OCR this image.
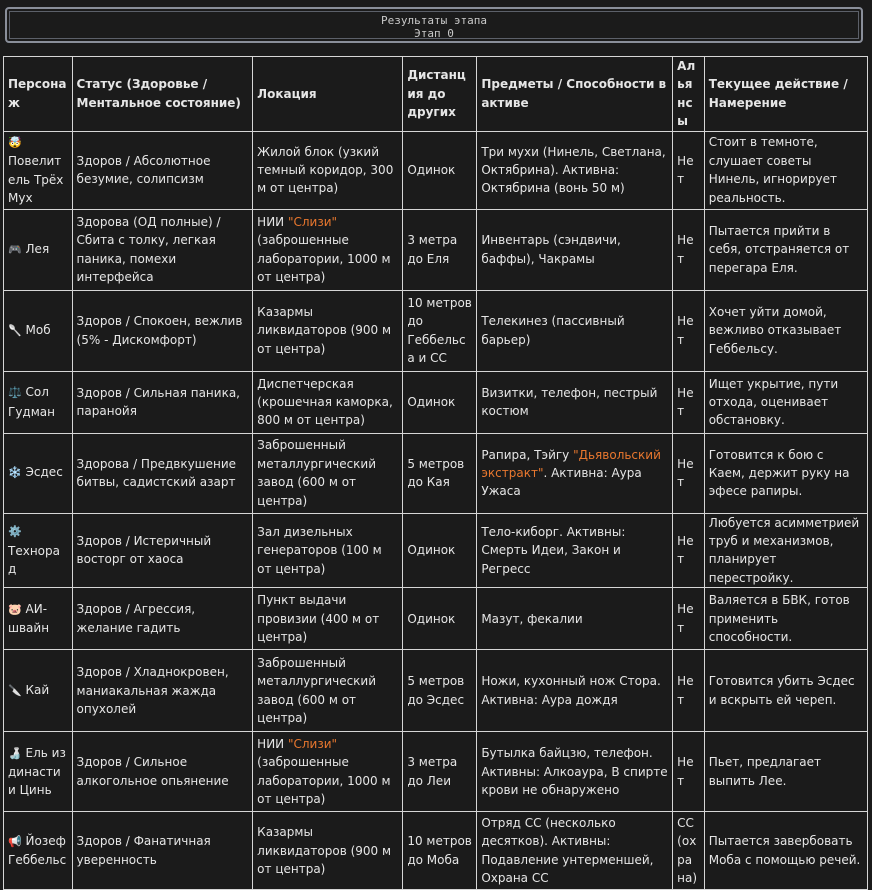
Результаты этапа
Этап 0
Персонаж	Статус (Здоровье / Ментальное состояние)	Локация	Дистанция до других	Предметы / Способности в активе	Альянсы	Текущее действие / Намерение
🤯 Повелитель Трёх Мух	Здоров / Абсолютное безумие, солипсизм	Жилой блок (узкий темный коридор, 300 м от центра)	Одинок	Три мухи (Нинель, Светлана, Октябрина). Активна: Октябрина (вонь 50 м)	Нет	Стоит в темноте, слушает советы Нинель, игнорирует реальность.
🎮 Лея	Здорова (ОД полные) / Сбита с толку, легкая паника, помехи интерфейса	НИИ "Слизи" (заброшенные лаборатории, 1000 м от центра)	3 метра до Еля	Инвентарь (сэндвичи, баффы), Чакрамы	Нет	Пытается прийти в себя, отстраняется от перегара Еля.
🥄 Моб	Здоров / Спокоен, вежлив (5% - Дискомфорт)	Казармы ликвидаторов (900 м от центра)	10 метров до Геббельса и СС	Телекинез (пассивный барьер)	Нет	Хочет уйти домой, вежливо отказывает Геббельсу.
⚖️ Сол Гудман	Здоров / Сильная паника, паранойя	Диспетчерская (крошечная каморка, 800 м от центра)	Одинок	Визитки, телефон, пестрый костюм	Нет	Ищет укрытие, пути отхода, оценивает обстановку.
❄️ Эсдес	Здорова / Предвкушение битвы, садистский азарт	Заброшенный металлургический завод (600 м от центра)	5 метров до Кая	Рапира, Тэйгу "Дьявольский экстракт". Активна: Аура Ужаса	Нет	Готовится к бою с Каем, держит руку на эфесе рапиры.
⚙️ Технорад	Здоров / Истеричный восторг от хаоса	Зал дизельных генераторов (100 м от центра)	Одинок	Тело-киборг. Активны: Смерть Идеи, Закон и Регресс	Нет	Любуется асимметрией труб и механизмов, планирует перестройку.
🐷 АИ-швайн	Здоров / Агрессия, желание гадить	Пункт выдачи провизии (400 м от центра)	Одинок	Мазут, фекалии	Нет	Валяется в БВК, готов применить способности.
🔪 Кай	Здоров / Хладнокровен, маниакальная жажда опухолей	Заброшенный металлургический завод (600 м от центра)	5 метров до Эсдес	Ножи, кухонный нож Стора. Активна: Аура дождя	Нет	Готовится убить Эсдес и вскрыть ей череп.
🍶 Ель из династии Цинь	Здоров / Сильное алкогольное опьянение	НИИ "Слизи" (заброшенные лаборатории, 1000 м от центра)	3 метра до Леи	Бутылка байцзю, телефон. Активны: Алкоаура, В спирте крови не обнаружено	Нет	Пьет, предлагает выпить Лее.
📢 Йозеф Геббельс	Здоров / Фанатичная уверенность	Казармы ликвидаторов (900 м от центра)	10 метров до Моба	Отряд СС (несколько десятков). Активны: Подавление унтерменшей, Охрана СС	СС (охрана)	Пытается завербовать Моба с помощью речей.
